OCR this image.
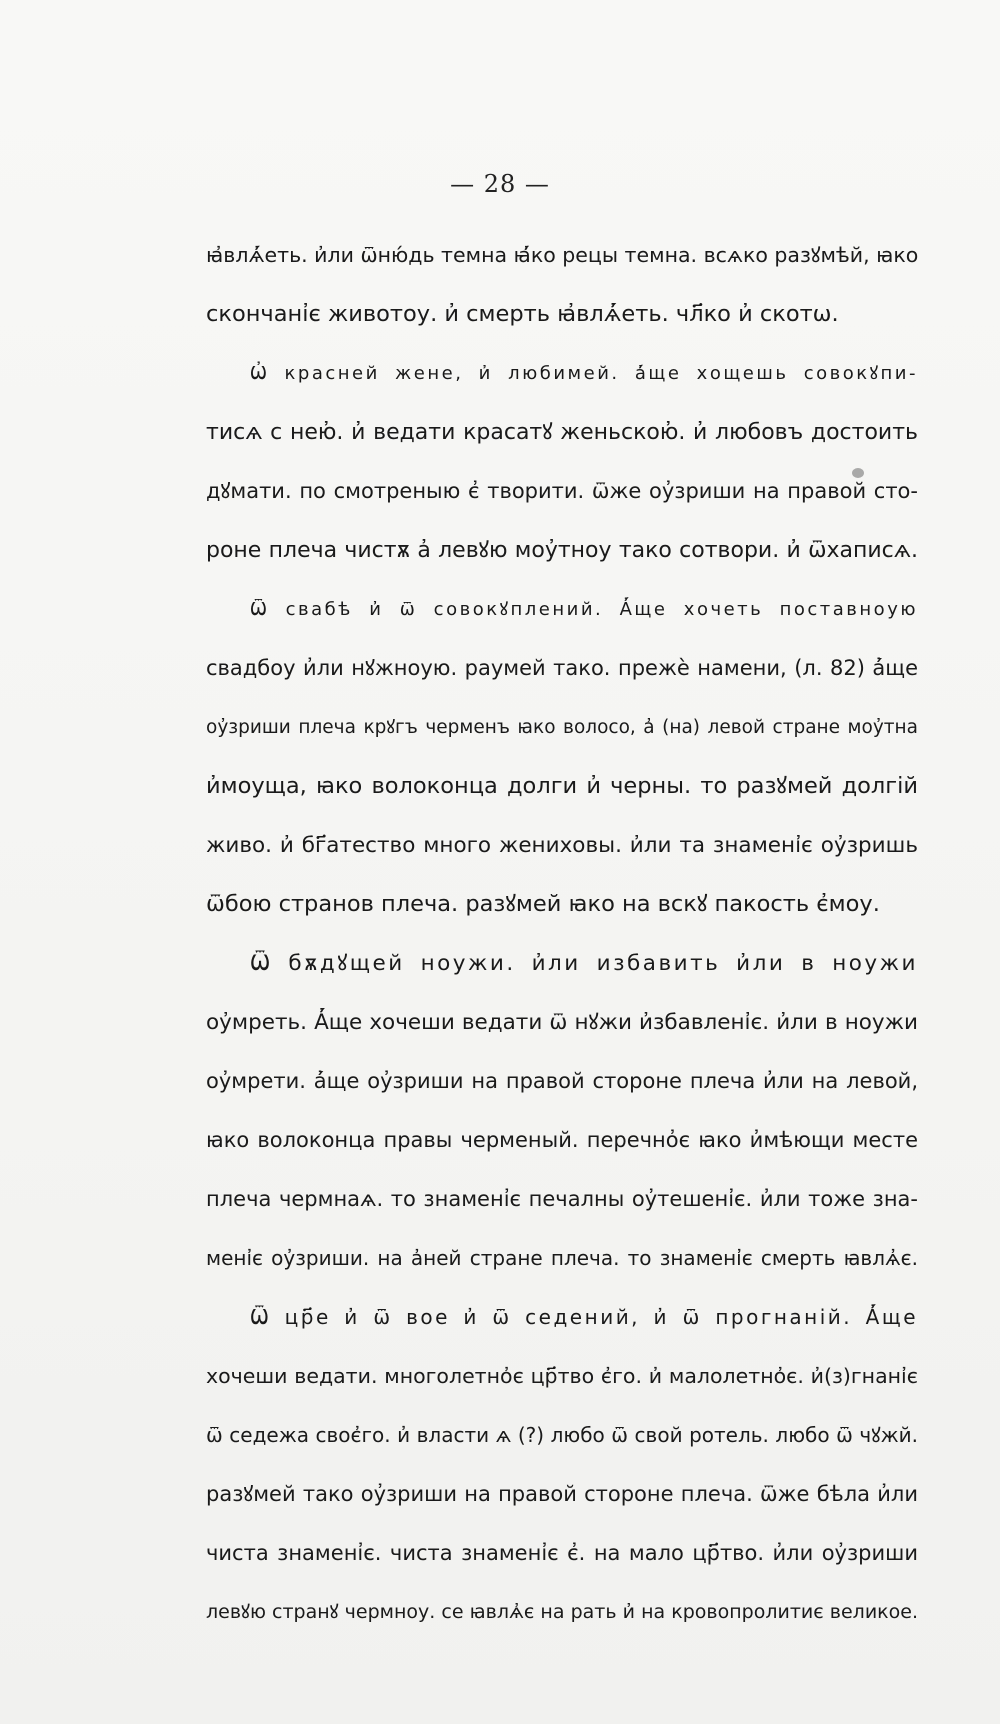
— 28 —
ꙗ҆влѧ҆́еть. и҆ли ѿню́дь темна ꙗ҆́ко рецы темна. всѧко разꙋмѣй, ꙗко
скончані҆є животоу. и҆ смерть ꙗ҆влѧ҆́еть. чл҃ко и҆ скотѡ.
Ѡ҆ красней жене, и҆ любимей. а҆́ще хощешь совокꙋпи-
тисѧ с нею҆. и҆ ведати красатꙋ женьскою҆. и҆ любовъ достоить
дꙋмати. по смотреныю є҆ творити. ѿже оу҆зриши на правой сто-
роне плеча чистѫ а҆ левꙋю моу҆тноу тако сотвори. и҆ ѿхаписѧ.
Ѿ свабѣ и҆ ѿ совокꙋплений. А҆́ще хочеть поставноую
свадбоу и҆ли нꙋжноую. раумей тако. прежѐ намени, (л. 82) а҆́ще
оу҆зриши плеча крꙋгъ черменъ ꙗко волосо, а҆ (на) левой стране моу҆тна
и҆моуща, ꙗко волоконца долги и҆ черны. то разꙋмей долгій
живо. и҆ бг҃атество много жениховы. и҆ли та знамені҆є оу҆зришь
ѿбою странов плеча. разꙋмей ꙗко на вскꙋ пакость є҆моу.
Ѿ бѫдꙋщей ноужи. и҆ли избавить и҆ли в ноужи
оу҆мреть. А҆́ще хочеши ведати ѿ нꙋжи и҆збавлені҆є. и҆ли в ноужи
оу҆мрети. а҆́ще оу҆зриши на правой стороне плеча и҆ли на левой,
ꙗко волоконца правы черменый. перечно҆є ꙗко и҆мѣющи месте
плеча чермнаѧ. то знамені҆є печалны оу҆тешені҆є. и҆ли тоже зна-
мені҆є оу҆зриши. на а҆ней стране плеча. то знамені҆є смерть ꙗвлѧ҆є.
Ѿ цр҃е и҆ ѿ вое и҆ ѿ седений, и҆ ѿ прогнаній. А҆́ще
хочеши ведати. многолетно҆є цр҃тво є҆го. и҆ малолетно҆є. и҆(з)гнані҆є
ѿ седежа своє҆го. и҆ власти ѧ (?) любо ѿ свой ротель. любо ѿ чꙋжй.
разꙋмей тако оу҆зриши на правой стороне плеча. ѿже бѣла и҆ли
чиста знамені҆є. чиста знамені҆є є҆. на мало цр҃тво. и҆ли оу҆зриши
левꙋю странꙋ чермноу. се ꙗвлѧ҆є на рать и҆ на кровопролитиє великое.
